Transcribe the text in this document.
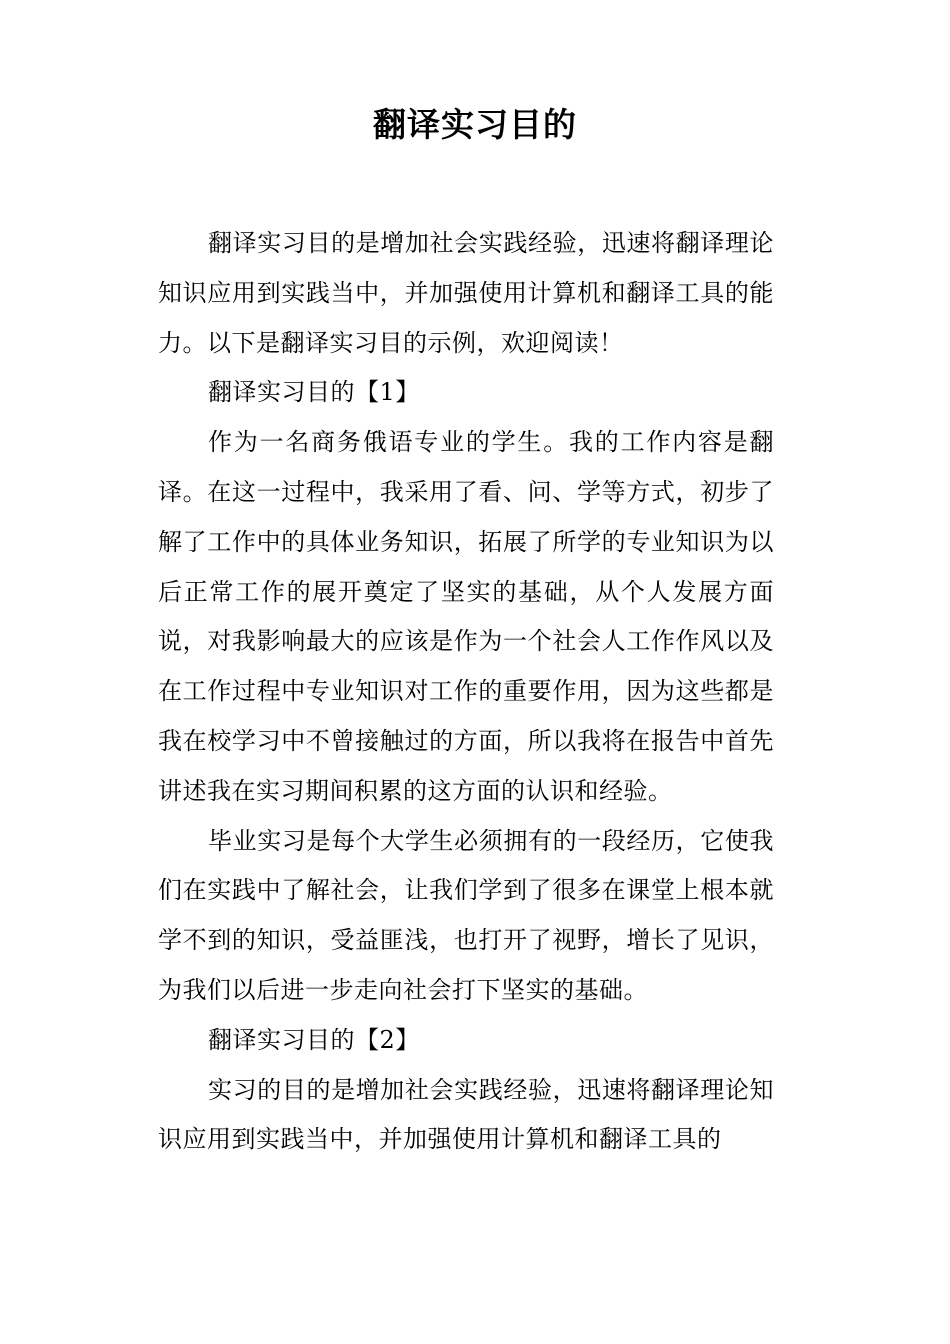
翻译实习目的

翻译实习目的是增加社会实践经验，迅速将翻译理论知识应用到实践当中，并加强使用计算机和翻译工具的能力。以下是翻译实习目的示例，欢迎阅读！

翻译实习目的【1】

作为一名商务俄语专业的学生。我的工作内容是翻译。在这一过程中，我采用了看、问、学等方式，初步了解了工作中的具体业务知识，拓展了所学的专业知识为以后正常工作的展开奠定了坚实的基础，从个人发展方面说，对我影响最大的应该是作为一个社会人工作作风以及在工作过程中专业知识对工作的重要作用，因为这些都是我在校学习中不曾接触过的方面，所以我将在报告中首先讲述我在实习期间积累的这方面的认识和经验。

毕业实习是每个大学生必须拥有的一段经历，它使我们在实践中了解社会，让我们学到了很多在课堂上根本就学不到的知识，受益匪浅，也打开了视野，增长了见识，为我们以后进一步走向社会打下坚实的基础。

翻译实习目的【2】

实习的目的是增加社会实践经验，迅速将翻译理论知识应用到实践当中，并加强使用计算机和翻译工具的
